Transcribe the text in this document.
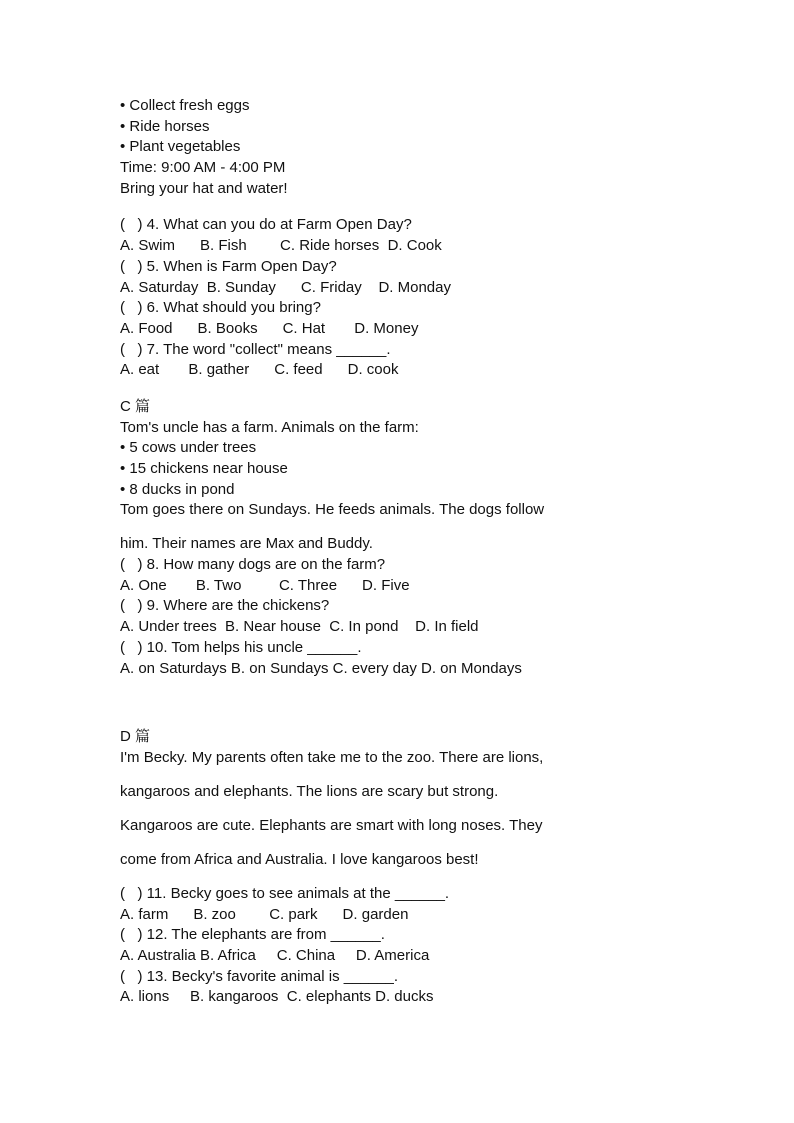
• Collect fresh eggs
• Ride horses
• Plant vegetables
Time: 9:00 AM - 4:00 PM
Bring your hat and water!
(   ) 4. What can you do at Farm Open Day?
A. Swim      B. Fish        C. Ride horses  D. Cook
(   ) 5. When is Farm Open Day?
A. Saturday  B. Sunday      C. Friday    D. Monday
(   ) 6. What should you bring?
A. Food      B. Books      C. Hat       D. Money
(   ) 7. The word "collect" means ______.
A. eat       B. gather      C. feed      D. cook
C 篇
Tom's uncle has a farm. Animals on the farm:
• 5 cows under trees
• 15 chickens near house
• 8 ducks in pond
Tom goes there on Sundays. He feeds animals. The dogs follow
him. Their names are Max and Buddy.
(   ) 8. How many dogs are on the farm?
A. One       B. Two         C. Three      D. Five
(   ) 9. Where are the chickens?
A. Under trees  B. Near house  C. In pond    D. In field
(   ) 10. Tom helps his uncle ______.
A. on Saturdays B. on Sundays C. every day D. on Mondays
D 篇
I'm Becky. My parents often take me to the zoo. There are lions,
kangaroos and elephants. The lions are scary but strong.
Kangaroos are cute. Elephants are smart with long noses. They
come from Africa and Australia. I love kangaroos best!
(   ) 11. Becky goes to see animals at the ______.
A. farm      B. zoo        C. park      D. garden
(   ) 12. The elephants are from ______.
A. Australia B. Africa     C. China     D. America
(   ) 13. Becky's favorite animal is ______.
A. lions     B. kangaroos  C. elephants D. ducks
